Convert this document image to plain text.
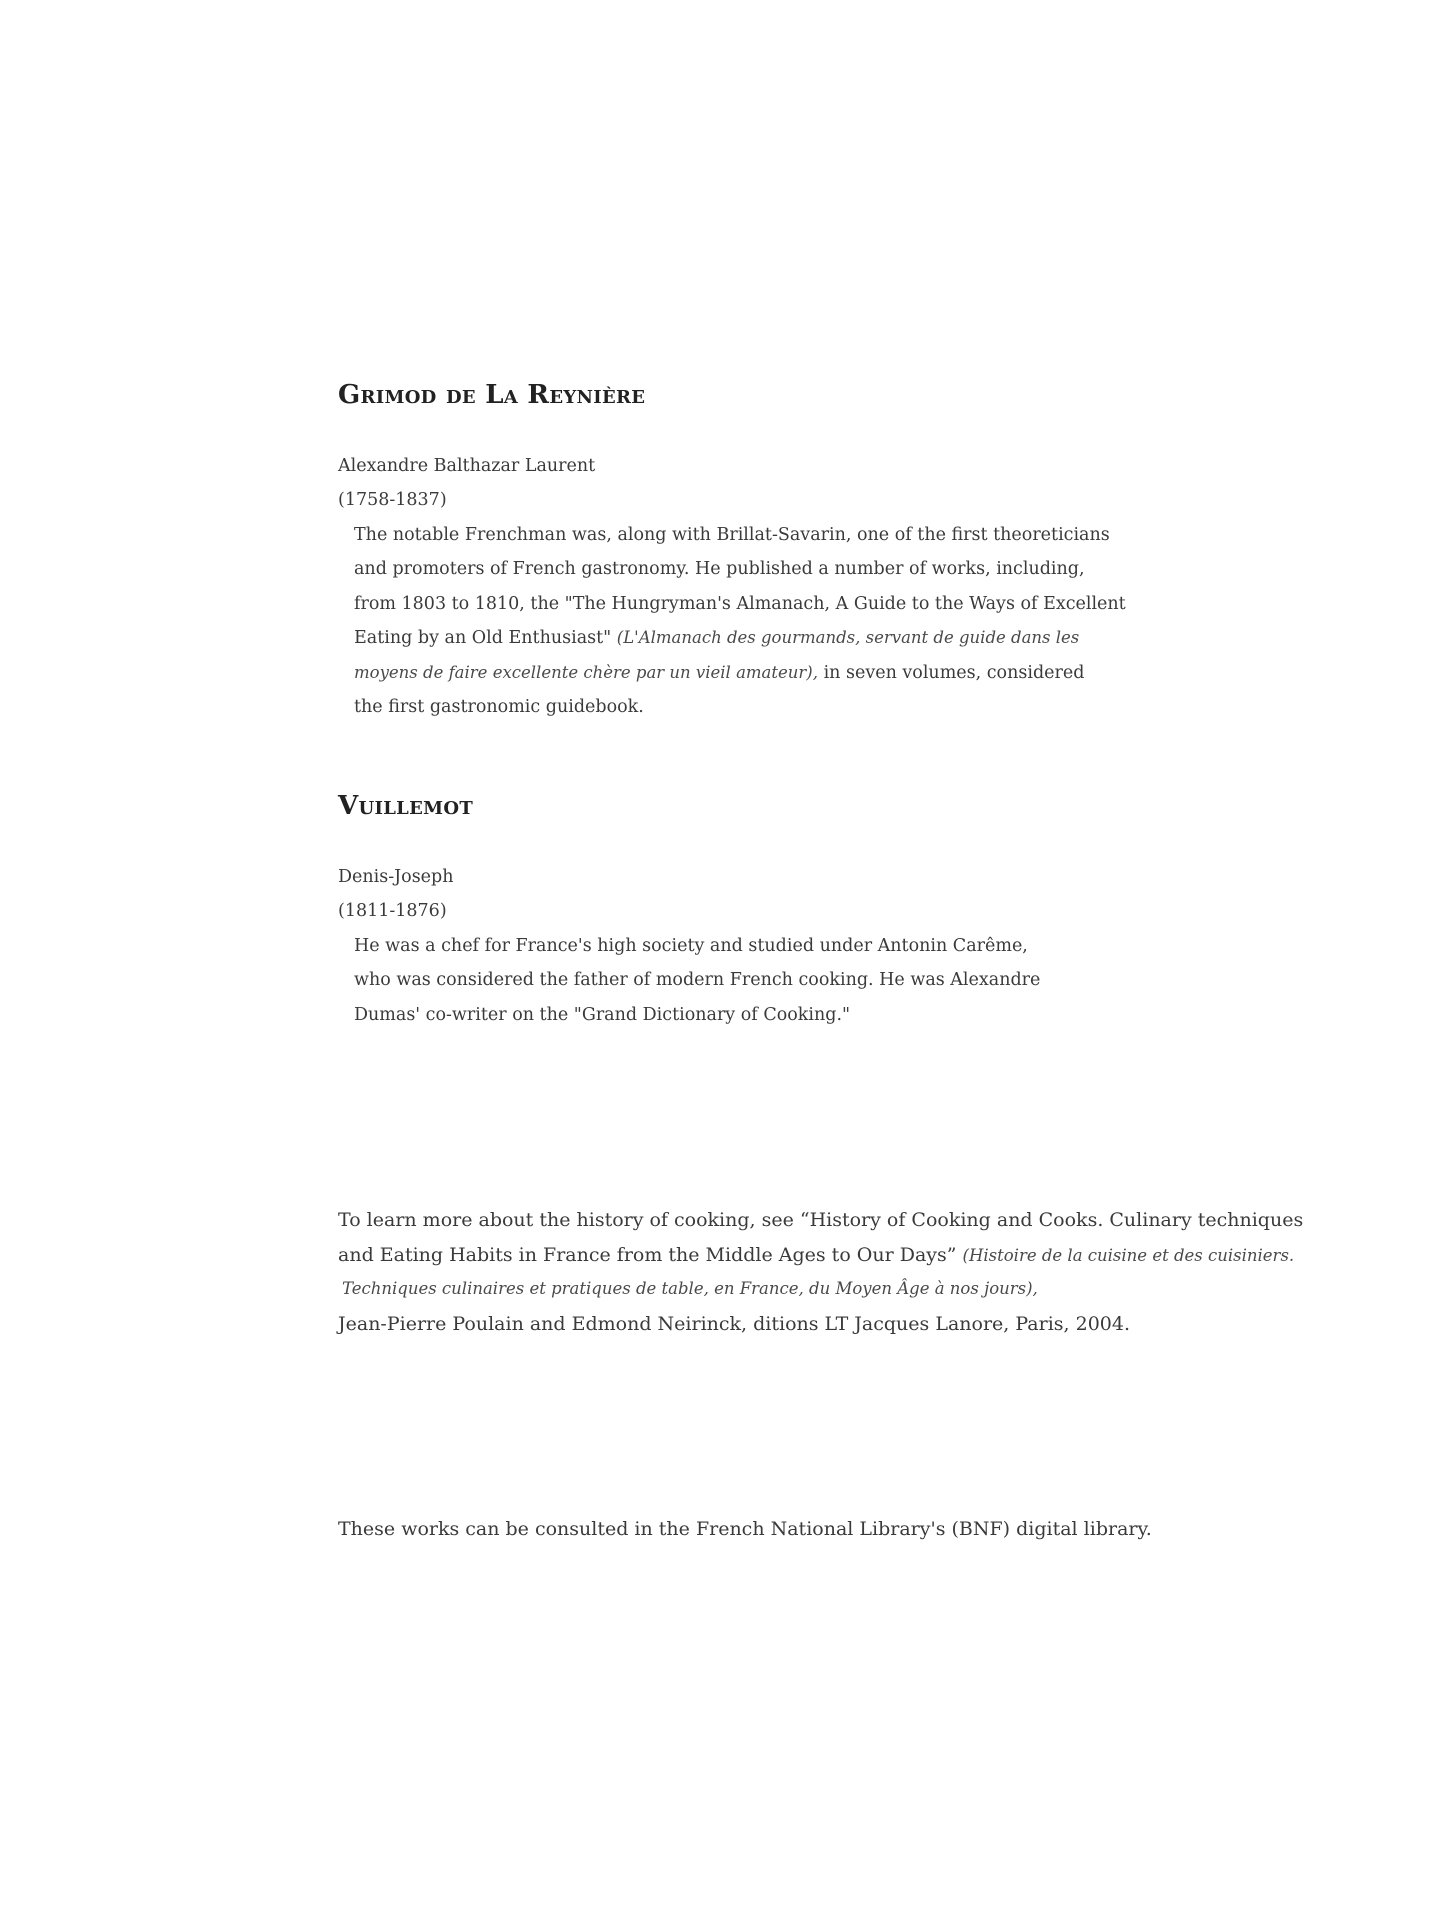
Grimod de La Reynière
Alexandre Balthazar Laurent
(1758-1837)
The notable Frenchman was, along with Brillat-Savarin, one of the first theoreticians
and promoters of French gastronomy. He published a number of works, including,
from 1803 to 1810, the "The Hungryman's Almanach, A Guide to the Ways of Excellent
Eating by an Old Enthusiast" (L'Almanach des gourmands, servant de guide dans les
moyens de faire excellente chère par un vieil amateur), in seven volumes, considered
the first gastronomic guidebook.
Vuillemot
Denis-Joseph
(1811-1876)
He was a chef for France's high society and studied under Antonin Carême,
who was considered the father of modern French cooking. He was Alexandre
Dumas' co-writer on the "Grand Dictionary of Cooking."
To learn more about the history of cooking, see “History of Cooking and Cooks. Culinary techniques
and Eating Habits in France from the Middle Ages to Our Days” (Histoire de la cuisine et des cuisiniers.
Techniques culinaires et pratiques de table, en France, du Moyen Âge à nos jours),
Jean-Pierre Poulain and Edmond Neirinck, ditions LT Jacques Lanore, Paris, 2004.
These works can be consulted in the French National Library's (BNF) digital library.
